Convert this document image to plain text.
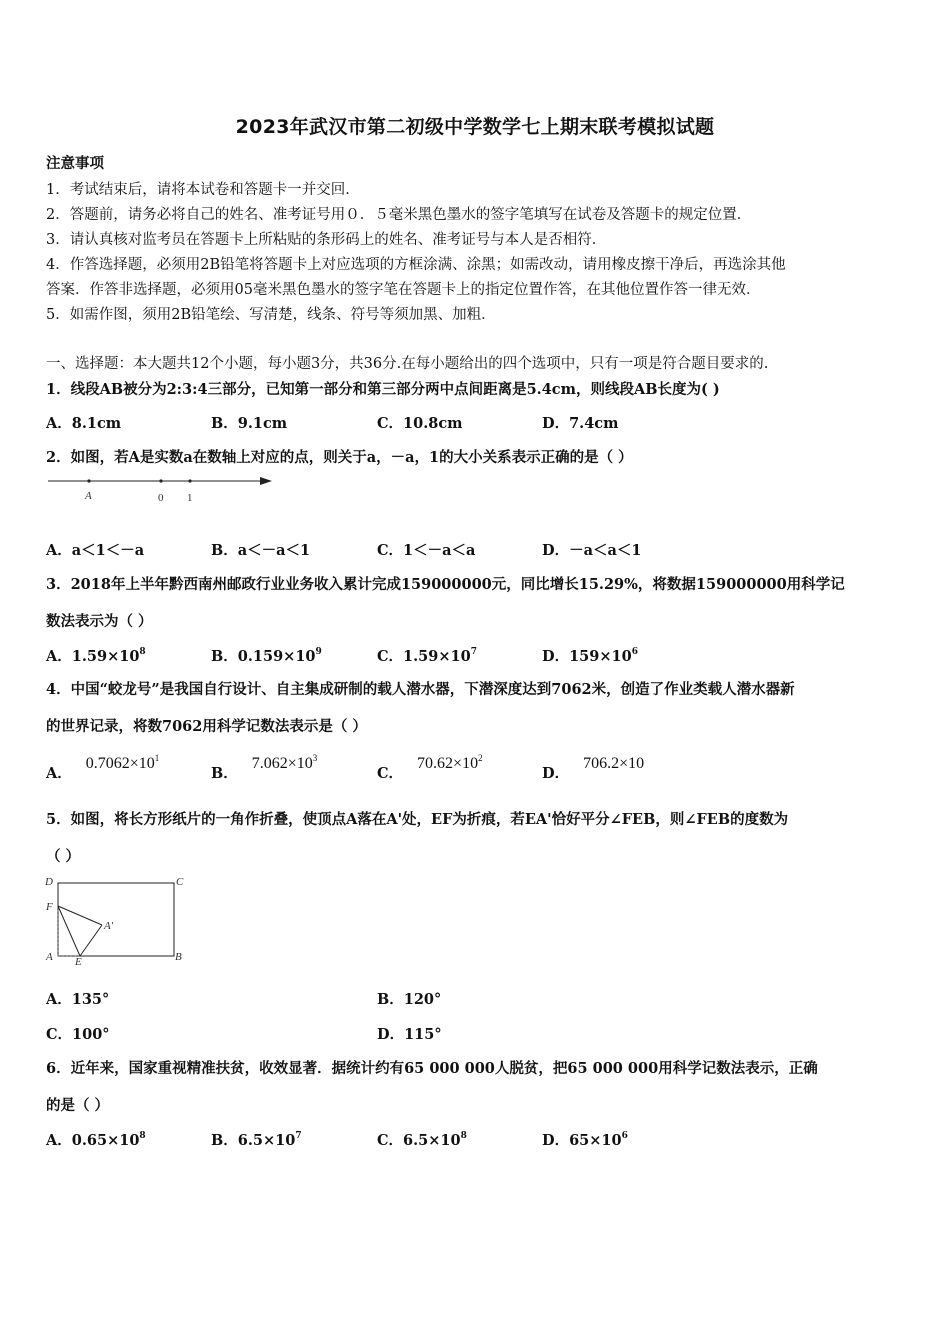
2023年武汉市第二初级中学数学七上期末联考模拟试题
注意事项
1．考试结束后，请将本试卷和答题卡一并交回．
2．答题前，请务必将自己的姓名、准考证号用０．５毫米黑色墨水的签字笔填写在试卷及答题卡的规定位置．
3．请认真核对监考员在答题卡上所粘贴的条形码上的姓名、准考证号与本人是否相符．
4．作答选择题，必须用2B铅笔将答题卡上对应选项的方框涂满、涂黑；如需改动，请用橡皮擦干净后，再选涂其他
答案．作答非选择题，必须用05毫米黑色墨水的签字笔在答题卡上的指定位置作答，在其他位置作答一律无效．
5．如需作图，须用2B铅笔绘、写清楚，线条、符号等须加黑、加粗．
一、选择题：本大题共12个小题，每小题3分，共36分.在每小题给出的四个选项中，只有一项是符合题目要求的.
1．线段AB被分为2:3:4三部分，已知第一部分和第三部分两中点间距离是5.4cm，则线段AB长度为( )
A．8.1cm	B．9.1cm	C．10.8cm	D．7.4cm
2．如图，若A是实数a在数轴上对应的点，则关于a，－a，1的大小关系表示正确的是（ ）
A	0 1
A．a＜1＜－a	B．a＜－a＜1	C．1＜－a＜a	D．－a＜a＜1
3．2018年上半年黔西南州邮政行业业务收入累计完成159000000元，同比增长15.29%，将数据159000000用科学记
数法表示为（ ）
A．$1.59\times 10^8$	B．$0.159\times 10^9$	C．$1.59\times 10^7$	D．$159\times 10^6$
4．中国“蛟龙号”是我国自行设计、自主集成研制的载人潜水器，下潜深度达到7062米，创造了作业类载人潜水器新
的世界记录，将数7062用科学记数法表示是（ ）
A．$0.7062\times 10^1$
B．$7.062\times 10^3$
C．$70.62\times 10^2$
D．706.2×10
5．如图，将长方形纸片的一角作折叠，使顶点A落在A'处，EF为折痕，若EA'恰好平分∠FEB，则∠FEB的度数为
（ ）
D	C
F
A'
A E	B
A．135°	B．120°
C．100°	D．115°
6．近年来，国家重视精准扶贫，收效显著．据统计约有65 000 000人脱贫，把65 000 000用科学记数法表示，正确
的是（ ）
A．$0.65\times 10^8$	B．$6.5\times 10^7$	C．$6.5\times 10^8$	D．$65\times 10^6$
